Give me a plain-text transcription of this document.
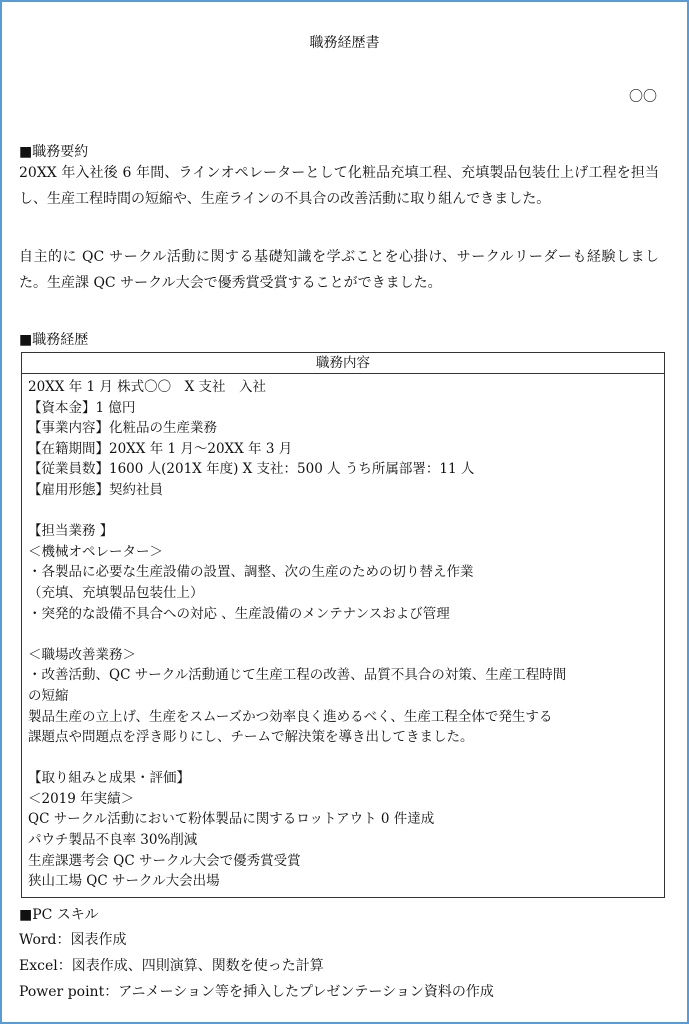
職務経歴書
〇〇
■職務要約
20XX 年入社後 6 年間、ラインオペレーターとして化粧品充填工程、充填製品包装仕上げ工程を担当し、生産工程時間の短縮や、生産ラインの不具合の改善活動に取り組んできました。
自主的に QC サークル活動に関する基礎知識を学ぶことを心掛け、サークルリーダーも経験しました。生産課 QC サークル大会で優秀賞受賞することができました。
■職務経歴
職務内容
20XX 年 1 月 株式〇〇　X 支社　入社
【資本金】1 億円
【事業内容】化粧品の生産業務
【在籍期間】20XX 年 1 月〜20XX 年 3 月
【従業員数】1600 人(201X 年度) X 支社：500 人 うち所属部署：11 人
【雇用形態】契約社員
【担当業務 】
＜機械オペレーター＞
・各製品に必要な生産設備の設置、調整、次の生産のための切り替え作業
（充填、充填製品包装仕上）
・突発的な設備不具合への対応 、生産設備のメンテナンスおよび管理
＜職場改善業務＞
・改善活動、QC サークル活動通じて生産工程の改善、品質不具合の対策、生産工程時間
の短縮
製品生産の立上げ、生産をスムーズかつ効率良く進めるべく、生産工程全体で発生する
課題点や問題点を浮き彫りにし、チームで解決策を導き出してきました。
【取り組みと成果・評価】
＜2019 年実績＞
QC サークル活動において粉体製品に関するロットアウト 0 件達成
パウチ製品不良率 30%削減
生産課選考会 QC サークル大会で優秀賞受賞
狭山工場 QC サークル大会出場
■PC スキル
Word：図表作成
Excel：図表作成、四則演算、関数を使った計算
Power point：アニメーション等を挿入したプレゼンテーション資料の作成
